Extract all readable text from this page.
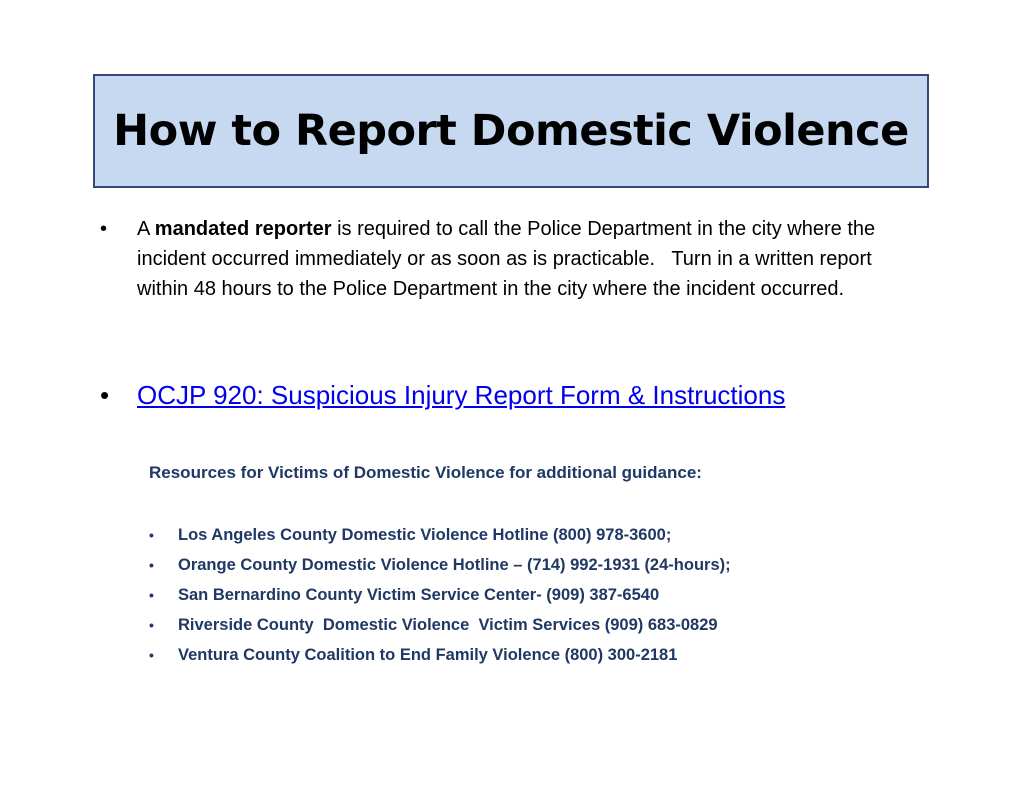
How to Report Domestic Violence
•	A mandated reporter is required to call the Police Department in the city where the incident occurred immediately or as soon as is practicable.   Turn in a written report within 48 hours to the Police Department in the city where the incident occurred.
•	OCJP 920: Suspicious Injury Report Form & Instructions
Resources for Victims of Domestic Violence for additional guidance:
•	Los Angeles County Domestic Violence Hotline (800) 978-3600;
•	Orange County Domestic Violence Hotline – (714) 992-1931 (24-hours);
•	San Bernardino County Victim Service Center- (909) 387-6540
•	Riverside County  Domestic Violence  Victim Services (909) 683-0829
•	Ventura County Coalition to End Family Violence (800) 300-2181
